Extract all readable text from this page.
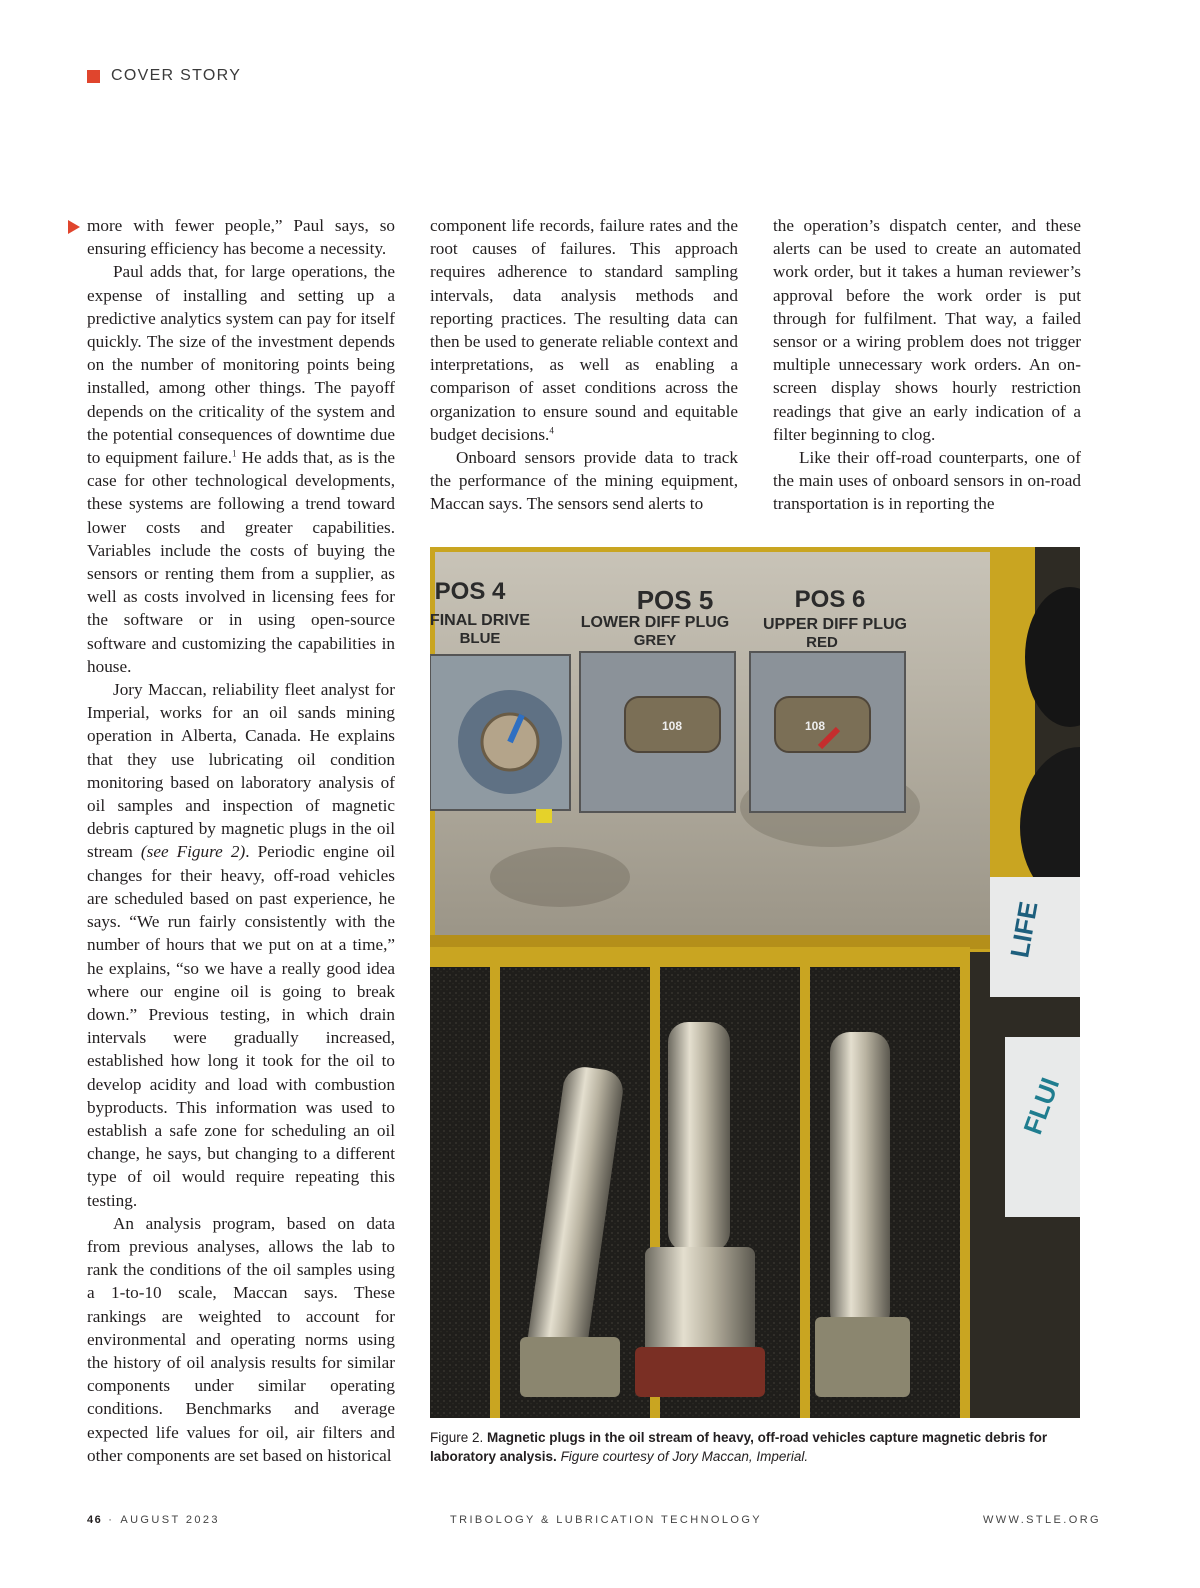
COVER STORY

more with fewer people,” Paul says, so ensuring efficiency has become a necessity.

Paul adds that, for large operations, the expense of installing and setting up a predictive analytics system can pay for itself quickly. The size of the investment depends on the number of monitoring points being installed, among other things. The payoff depends on the criticality of the system and the potential consequences of downtime due to equipment failure.$^1$ He adds that, as is the case for other technological developments, these systems are following a trend toward lower costs and greater capabilities. Variables include the costs of buying the sensors or renting them from a supplier, as well as costs involved in licensing fees for the software or in using open-source software and customizing the capabilities in house.

Jory Maccan, reliability fleet analyst for Imperial, works for an oil sands mining operation in Alberta, Canada. He explains that they use lubricating oil condition monitoring based on laboratory analysis of oil samples and inspection of magnetic debris captured by magnetic plugs in the oil stream (see Figure 2). Periodic engine oil changes for their heavy, off-road vehicles are scheduled based on past experience, he says. “We run fairly consistently with the number of hours that we put on at a time,” he explains, “so we have a really good idea where our engine oil is going to break down.” Previous testing, in which drain intervals were gradually increased, established how long it took for the oil to develop acidity and load with combustion byproducts. This information was used to establish a safe zone for scheduling an oil change, he says, but changing to a different type of oil would require repeating this testing.

An analysis program, based on data from previous analyses, allows the lab to rank the conditions of the oil samples using a 1-to-10 scale, Maccan says. These rankings are weighted to account for environmental and operating norms using the history of oil analysis results for similar components under similar operating conditions. Benchmarks and average expected life values for oil, air filters and other components are set based on historical

component life records, failure rates and the root causes of failures. This approach requires adherence to standard sampling intervals, data analysis methods and reporting practices. The resulting data can then be used to generate reliable context and interpretations, as well as enabling a comparison of asset conditions across the organization to ensure sound and equitable budget decisions.$^4$

Onboard sensors provide data to track the performance of the mining equipment, Maccan says. The sensors send alerts to

the operation’s dispatch center, and these alerts can be used to create an automated work order, but it takes a human reviewer’s approval before the work order is put through for fulfilment. That way, a failed sensor or a wiring problem does not trigger multiple unnecessary work orders. An on-screen display shows hourly restriction readings that give an early indication of a filter beginning to clog.

Like their off-road counterparts, one of the main uses of onboard sensors in on-road transportation is in reporting the

POS 4
FINAL DRIVE
BLUE
POS 5
LOWER DIFF PLUG
GREY
POS 6
UPPER DIFF PLUG
RED
108	108
LIFE
FLUI
Figure 2. Magnetic plugs in the oil stream of heavy, off-road vehicles capture magnetic debris for laboratory analysis. Figure courtesy of Jory Maccan, Imperial.
46 · AUGUST 2023	TRIBOLOGY & LUBRICATION TECHNOLOGY	WWW.STLE.ORG
